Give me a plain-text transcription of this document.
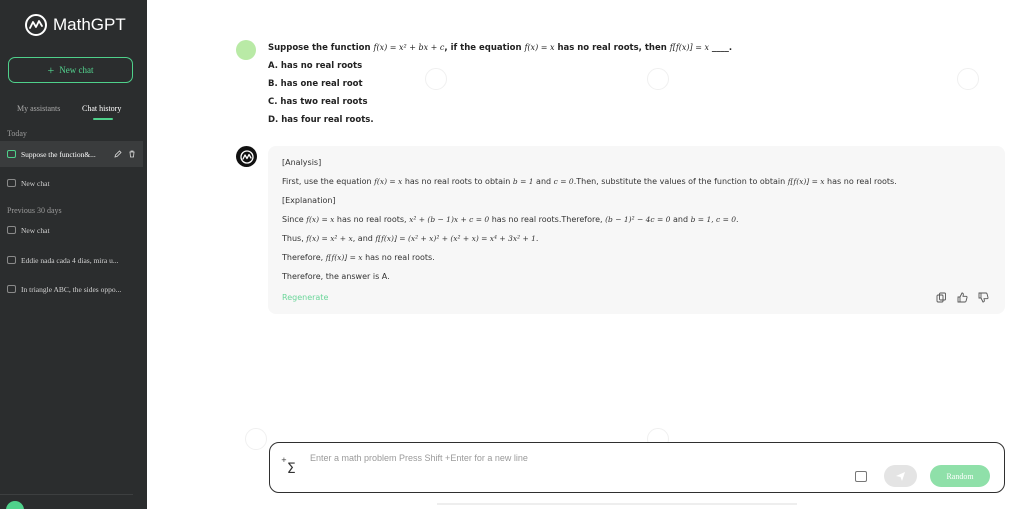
MathGPT
+ New chat
My assistants	Chat history
Today
Suppose the function&...
New chat
Previous 30 days
New chat
Eddie nada cada 4 dias, mira u...
In triangle ABC, the sides oppo...
Suppose the function f(x) = x² + bx + c, if the equation f(x) = x has no real roots, then f[f(x)] = x ____.
A. has no real roots
B. has one real root
C. has two real roots
D. has four real roots.
[Analysis]
First, use the equation f(x) = x has no real roots to obtain b = 1 and c = 0.Then, substitute the values of the function to obtain f[f(x)] = x has no real roots.
[Explanation]
Since f(x) = x has no real roots, x² + (b − 1)x + c = 0 has no real roots.Therefore, (b − 1)² − 4c = 0 and b = 1, c = 0.
Thus, f(x) = x² + x, and f[f(x)] = (x² + x)² + (x² + x) = x⁴ + 3x² + 1.
Therefore, f[f(x)] = x has no real roots.
Therefore, the answer is A.
Regenerate
+Σ
Enter a math problem Press Shift +Enter for a new line	Random
